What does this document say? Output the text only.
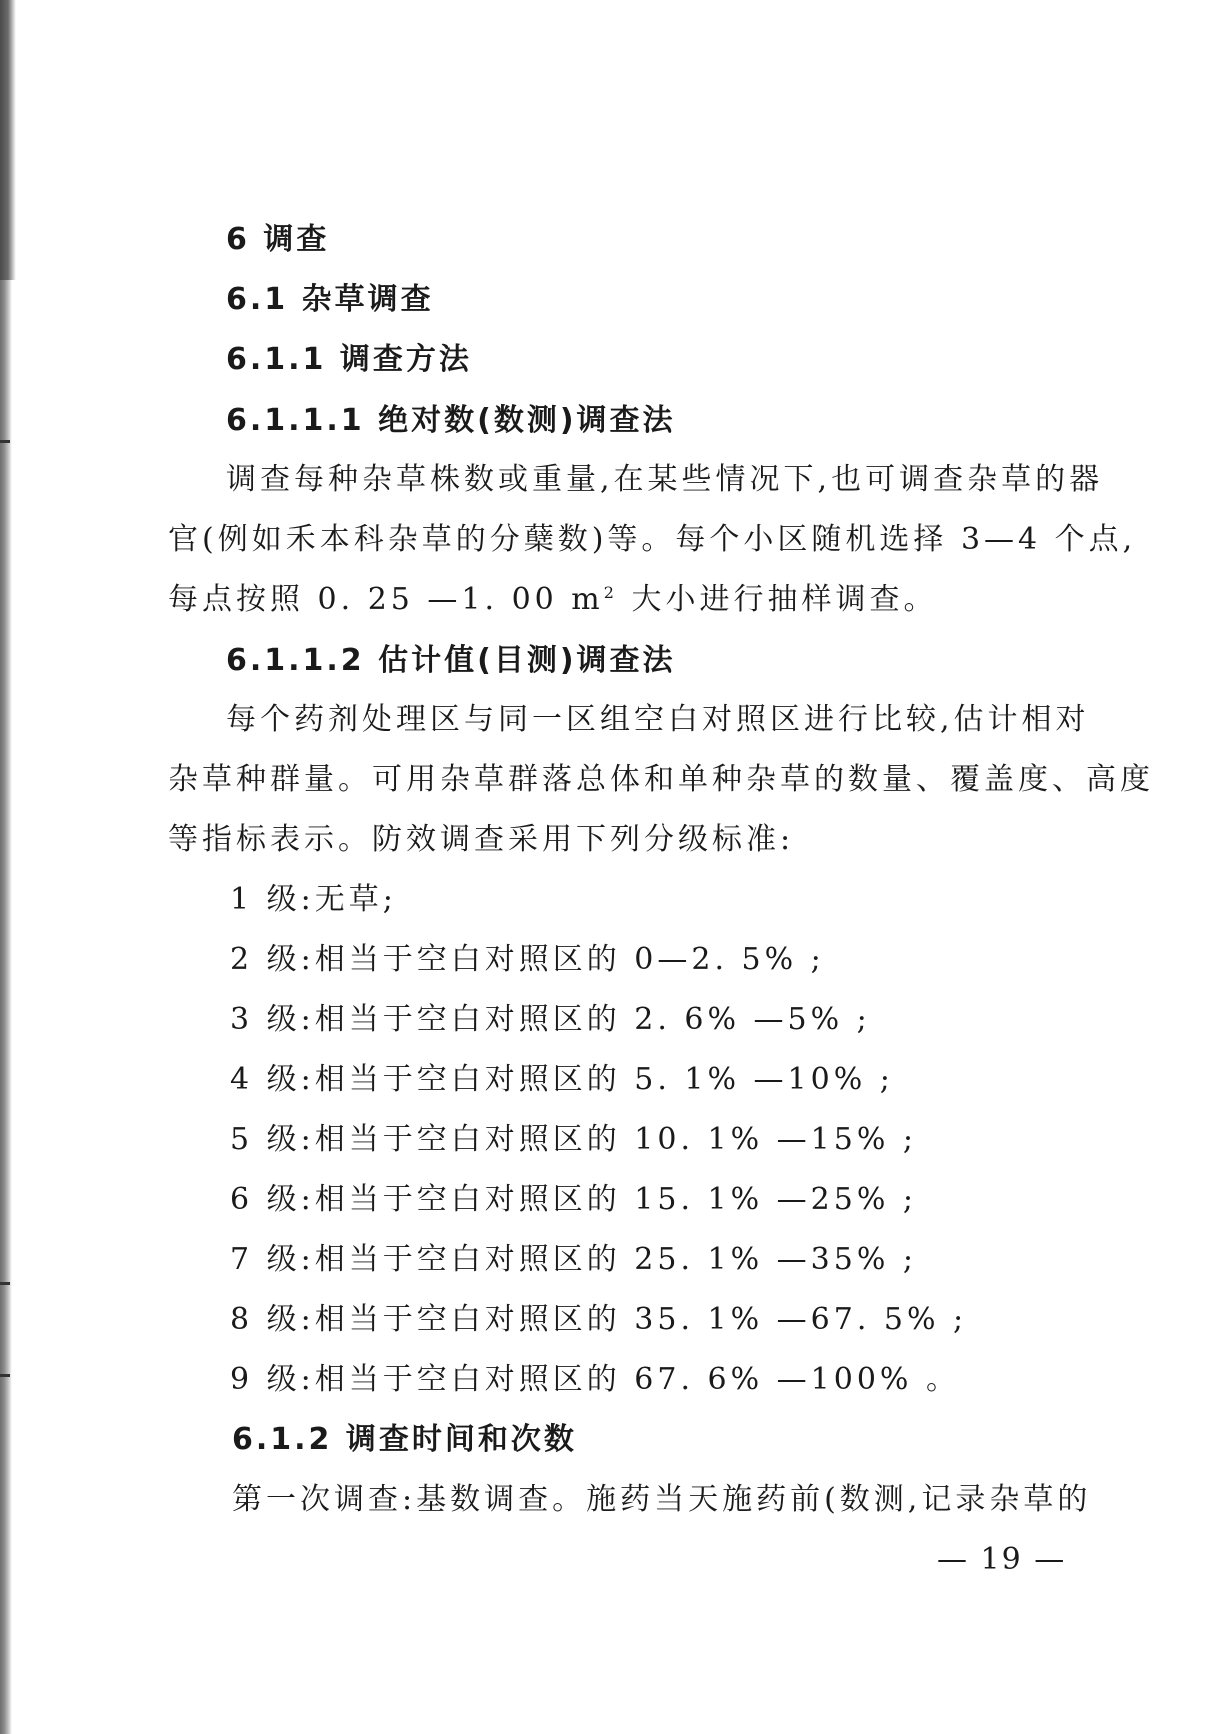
6 调查
6.1 杂草调查
6.1.1 调查方法
6.1.1.1 绝对数(数测)调查法
调查每种杂草株数或重量,在某些情况下,也可调查杂草的器
官(例如禾本科杂草的分蘖数)等。每个小区随机选择 3—4 个点,
每点按照 0. 25 —1. 00 $m^2$ 大小进行抽样调查。
6.1.1.2 估计值(目测)调查法
每个药剂处理区与同一区组空白对照区进行比较,估计相对
杂草种群量。可用杂草群落总体和单种杂草的数量、覆盖度、高度
等指标表示。防效调查采用下列分级标准:
1 级:无草;
2 级:相当于空白对照区的 0—2. 5% ;
3 级:相当于空白对照区的 2. 6% —5% ;
4 级:相当于空白对照区的 5. 1% —10% ;
5 级:相当于空白对照区的 10. 1% —15% ;
6 级:相当于空白对照区的 15. 1% —25% ;
7 级:相当于空白对照区的 25. 1% —35% ;
8 级:相当于空白对照区的 35. 1% —67. 5% ;
9 级:相当于空白对照区的 67. 6% —100% 。
6.1.2 调查时间和次数
第一次调查:基数调查。施药当天施药前(数测,记录杂草的
— 19 —
